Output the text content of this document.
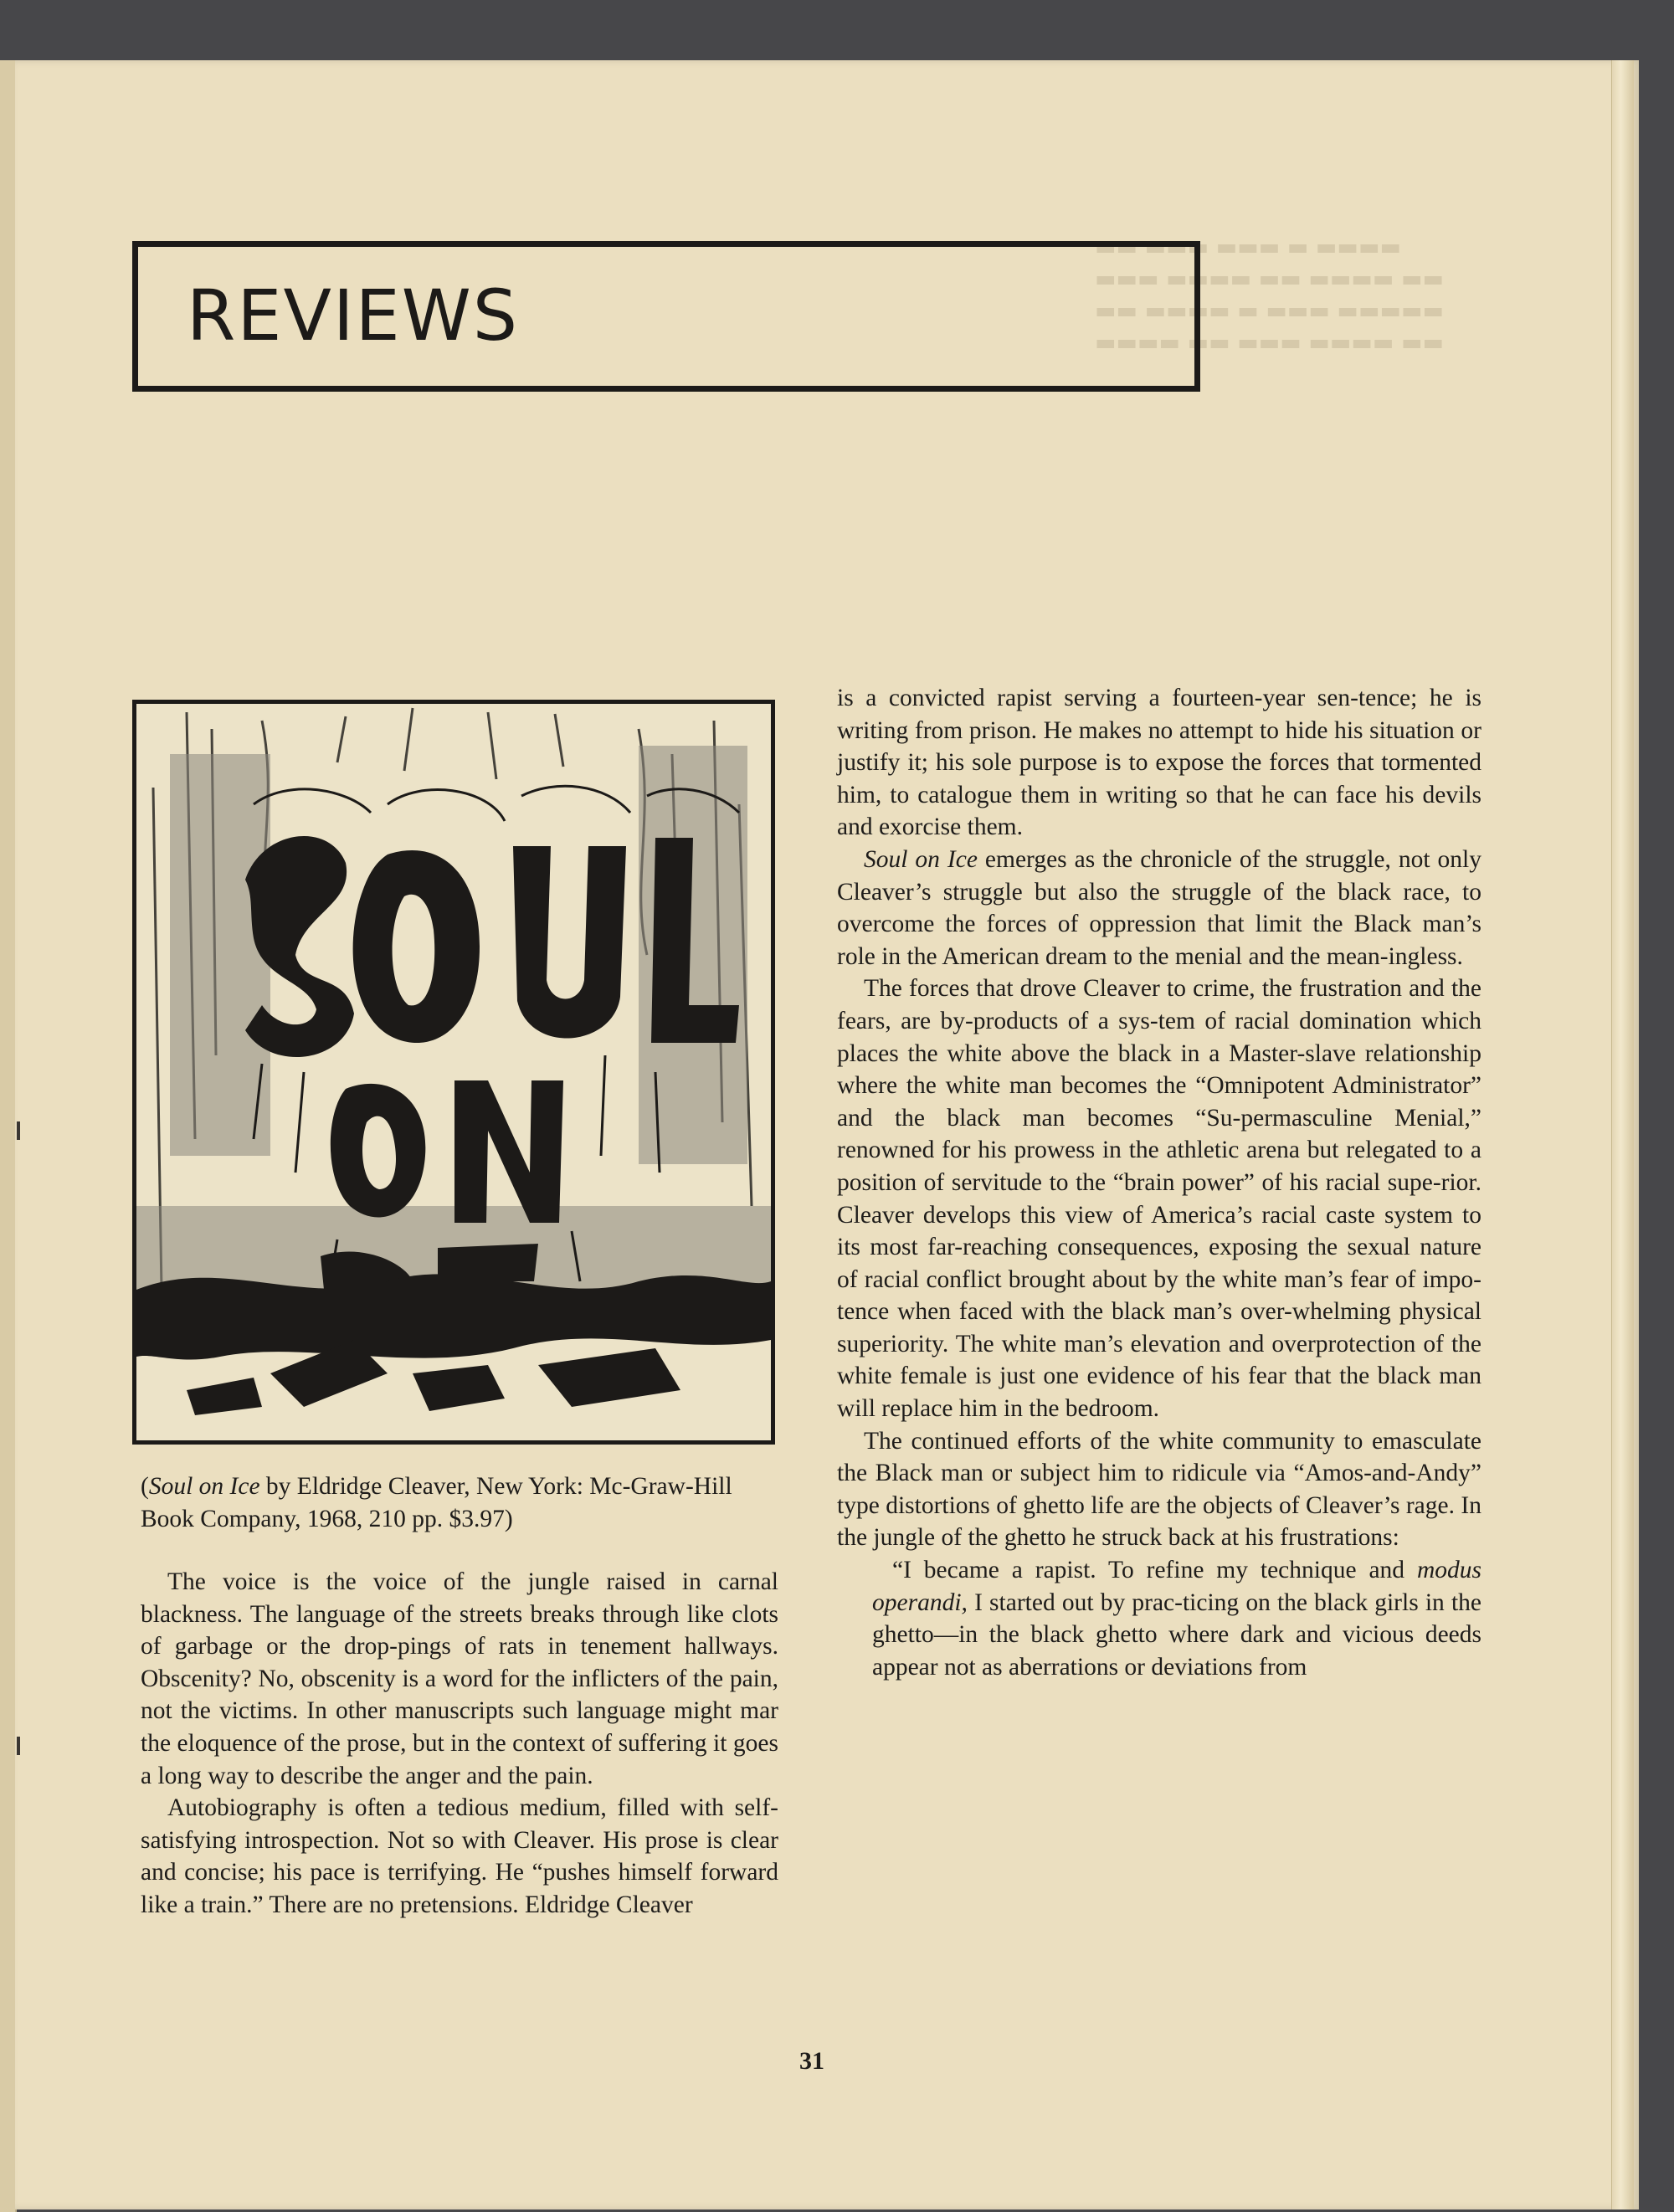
▬▬ ▬▬▬ ▬▬▬ ▬ ▬▬▬▬
▬▬▬ ▬▬▬▬ ▬▬ ▬▬▬▬ ▬▬
▬▬ ▬▬▬▬ ▬ ▬▬▬ ▬▬▬▬▬
▬▬▬▬ ▬▬ ▬▬▬ ▬▬▬▬ ▬▬
REVIEWS

(Soul on Ice by Eldridge Cleaver, New York: Mc-Graw-Hill Book Company, 1968, 210 pp. $3.97)

The voice is the voice of the jungle raised in carnal blackness. The language of the streets breaks through like clots of garbage or the drop-pings of rats in tenement hallways. Obscenity? No, obscenity is a word for the inflicters of the pain, not the victims. In other manuscripts such language might mar the eloquence of the prose, but in the context of suffering it goes a long way to describe the anger and the pain.

Autobiography is often a tedious medium, filled with self-satisfying introspection. Not so with Cleaver. His prose is clear and concise; his pace is terrifying. He “pushes himself forward like a train.” There are no pretensions. Eldridge Cleaver

is a convicted rapist serving a fourteen-year sen-tence; he is writing from prison. He makes no attempt to hide his situation or justify it; his sole purpose is to expose the forces that tormented him, to catalogue them in writing so that he can face his devils and exorcise them.

Soul on Ice emerges as the chronicle of the struggle, not only Cleaver’s struggle but also the struggle of the black race, to overcome the forces of oppression that limit the Black man’s role in the American dream to the menial and the mean-ingless.

The forces that drove Cleaver to crime, the frustration and the fears, are by-products of a sys-tem of racial domination which places the white above the black in a Master-slave relationship where the white man becomes the “Omnipotent Administrator” and the black man becomes “Su-permasculine Menial,” renowned for his prowess in the athletic arena but relegated to a position of servitude to the “brain power” of his racial supe-rior. Cleaver develops this view of America’s racial caste system to its most far-reaching consequences, exposing the sexual nature of racial conflict brought about by the white man’s fear of impo-tence when faced with the black man’s over-whelming physical superiority. The white man’s elevation and overprotection of the white female is just one evidence of his fear that the black man will replace him in the bedroom.

The continued efforts of the white community to emasculate the Black man or subject him to ridicule via “Amos-and-Andy” type distortions of ghetto life are the objects of Cleaver’s rage. In the jungle of the ghetto he struck back at his frustrations:

“I became a rapist. To refine my technique and modus operandi, I started out by prac-ticing on the black girls in the ghetto—in the black ghetto where dark and vicious deeds appear not as aberrations or deviations from

31
